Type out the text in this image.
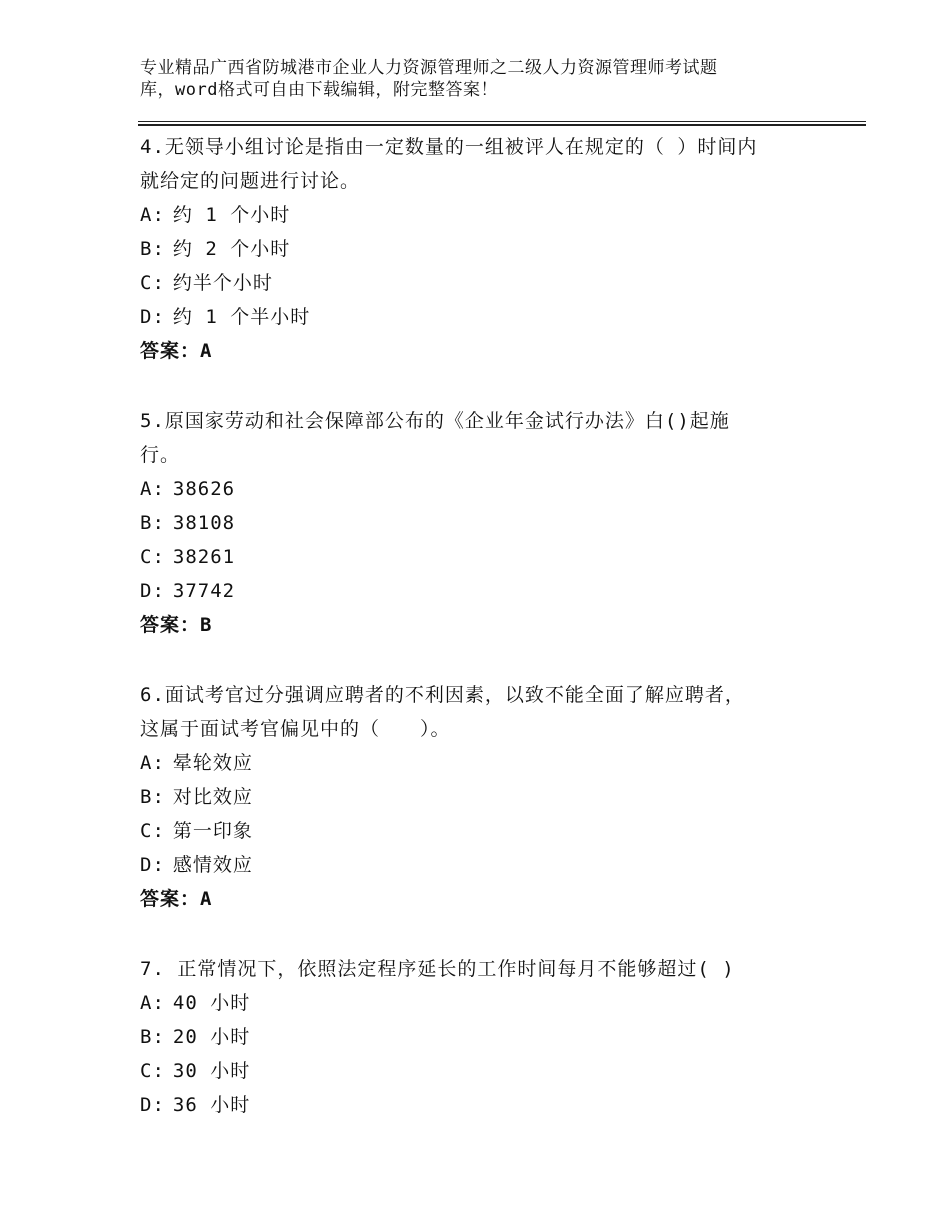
专业精品广西省防城港市企业人力资源管理师之二级人力资源管理师考试题
库，word格式可自由下载编辑，附完整答案！
4.无领导小组讨论是指由一定数量的一组被评人在规定的（ ）时间内
就给定的问题进行讨论。
A: 约 1 个小时
B: 约 2 个小时
C: 约半个小时
D: 约 1 个半小时
答案：A
5.原国家劳动和社会保障部公布的《企业年金试行办法》白()起施
行。
A: 38626
B: 38108
C: 38261
D: 37742
答案：B
6.面试考官过分强调应聘者的不利因素，以致不能全面了解应聘者，
这属于面试考官偏见中的（　　）。
A: 晕轮效应
B: 对比效应
C: 第一印象
D: 感情效应
答案：A
7. 正常情况下，依照法定程序延长的工作时间每月不能够超过( )
A: 40 小时
B: 20 小时
C: 30 小时
D: 36 小时
